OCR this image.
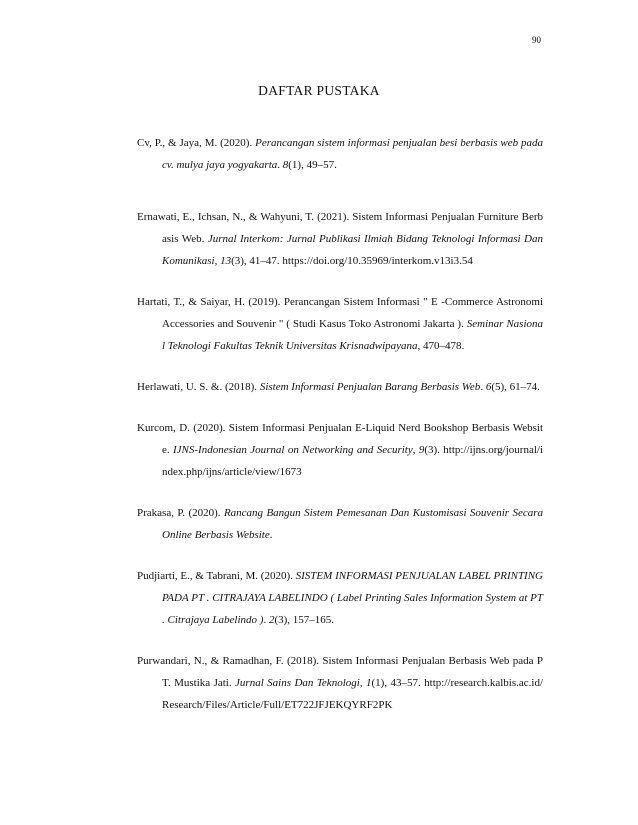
90
DAFTAR PUSTAKA

Cv, P., & Jaya, M. (2020). Perancangan sistem informasi penjualan besi berbasis web pada cv. mulya jaya yogyakarta. 8(1), 49–57.

Ernawati, E., Ichsan, N., & Wahyuni, T. (2021). Sistem Informasi Penjualan Furniture Berbasis Web. Jurnal Interkom: Jurnal Publikasi Ilmiah Bidang Teknologi Informasi Dan Komunikasi, 13(3), 41–47. https://doi.org/10.35969/interkom.v13i3.54

Hartati, T., & Saiyar, H. (2019). Perancangan Sistem Informasi " E -Commerce Astronomi Accessories and Souvenir " ( Studi Kasus Toko Astronomi Jakarta ). Seminar Nasional Teknologi Fakultas Teknik Universitas Krisnadwipayana, 470–478.

Herlawati, U. S. &. (2018). Sistem Informasi Penjualan Barang Berbasis Web. 6(5), 61–74.

Kurcom, D. (2020). Sistem Informasi Penjualan E-Liquid Nerd Bookshop Berbasis Website. IJNS-Indonesian Journal on Networking and Security, 9(3). http://ijns.org/journal/index.php/ijns/article/view/1673

Prakasa, P. (2020). Rancang Bangun Sistem Pemesanan Dan Kustomisasi Souvenir Secara Online Berbasis Website.

Pudjiarti, E., & Tabrani, M. (2020). SISTEM INFORMASI PENJUALAN LABEL PRINTING PADA PT . CITRAJAYA LABELINDO ( Label Printing Sales Information System at PT . Citrajaya Labelindo ). 2(3), 157–165.

Purwandari, N., & Ramadhan, F. (2018). Sistem Informasi Penjualan Berbasis Web pada PT. Mustika Jati. Jurnal Sains Dan Teknologi, 1(1), 43–57. http://research.kalbis.ac.id/Research/Files/Article/Full/ET722JFJEKQYRF2PK
